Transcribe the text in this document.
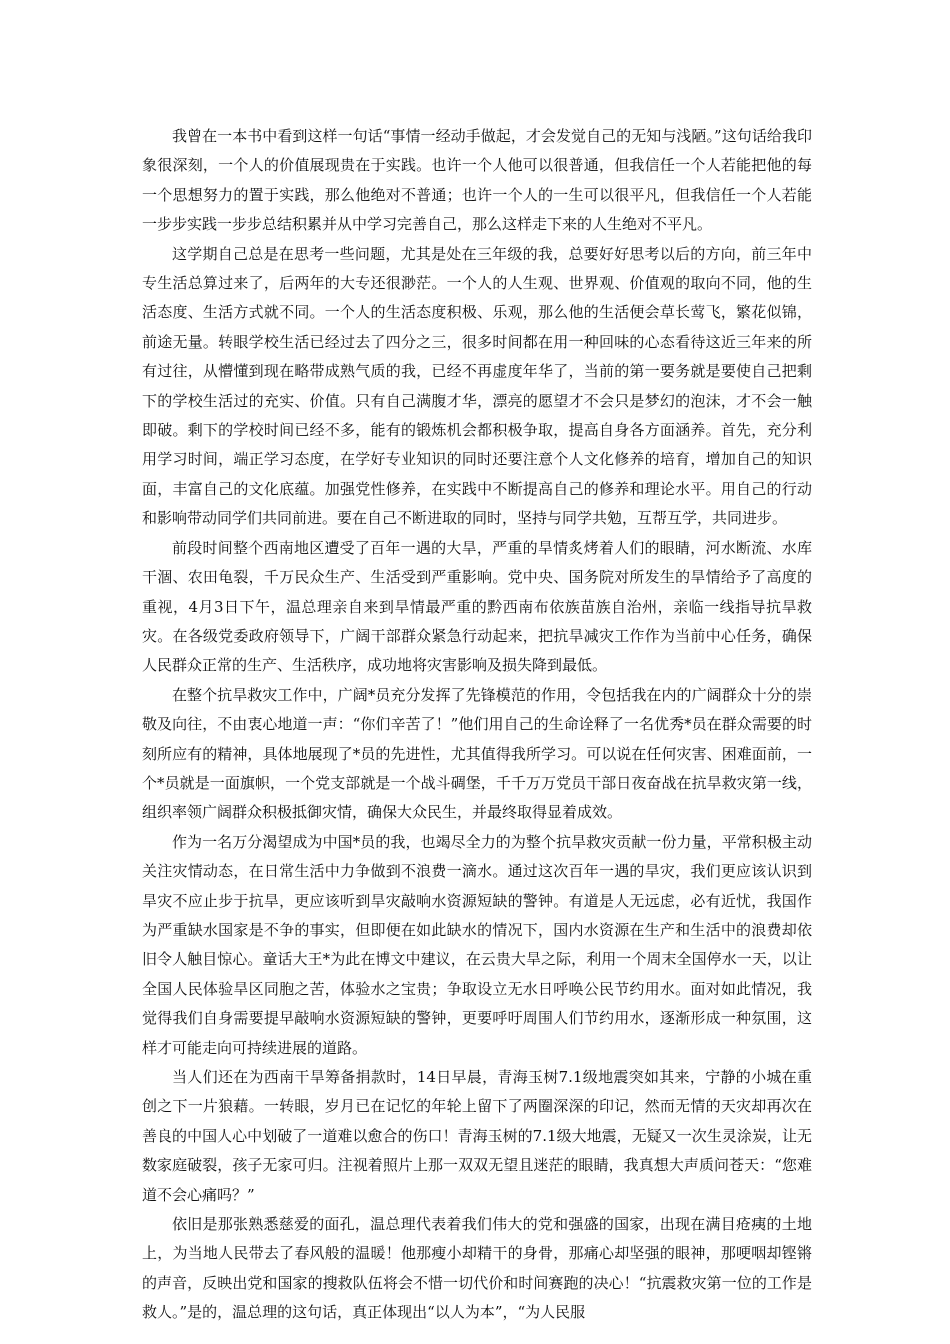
我曾在一本书中看到这样一句话“事情一经动手做起，才会发觉自己的无知与浅陋。”这句话给我印象很深刻，一个人的价值展现贵在于实践。也许一个人他可以很普通，但我信任一个人若能把他的每一个思想努力的置于实践，那么他绝对不普通；也许一个人的一生可以很平凡，但我信任一个人若能一步步实践一步步总结积累并从中学习完善自己，那么这样走下来的人生绝对不平凡。

这学期自己总是在思考一些问题，尤其是处在三年级的我，总要好好思考以后的方向，前三年中专生活总算过来了，后两年的大专还很渺茫。一个人的人生观、世界观、价值观的取向不同，他的生活态度、生活方式就不同。一个人的生活态度积极、乐观，那么他的生活便会草长莺飞，繁花似锦，前途无量。转眼学校生活已经过去了四分之三，很多时间都在用一种回味的心态看待这近三年来的所有过往，从懵懂到现在略带成熟气质的我，已经不再虚度年华了，当前的第一要务就是要使自己把剩下的学校生活过的充实、价值。只有自己满腹才华，漂亮的愿望才不会只是梦幻的泡沫，才不会一触即破。剩下的学校时间已经不多，能有的锻炼机会都积极争取，提高自身各方面涵养。首先，充分利用学习时间，端正学习态度，在学好专业知识的同时还要注意个人文化修养的培育，增加自己的知识面，丰富自己的文化底蕴。加强党性修养，在实践中不断提高自己的修养和理论水平。用自己的行动和影响带动同学们共同前进。要在自己不断进取的同时，坚持与同学共勉，互帮互学，共同进步。

前段时间整个西南地区遭受了百年一遇的大旱，严重的旱情炙烤着人们的眼睛，河水断流、水库干涸、农田龟裂，千万民众生产、生活受到严重影响。党中央、国务院对所发生的旱情给予了高度的重视，4月3日下午，温总理亲自来到旱情最严重的黔西南布依族苗族自治州，亲临一线指导抗旱救灾。在各级党委政府领导下，广阔干部群众紧急行动起来，把抗旱减灾工作作为当前中心任务，确保人民群众正常的生产、生活秩序，成功地将灾害影响及损失降到最低。

在整个抗旱救灾工作中，广阔*员充分发挥了先锋模范的作用，令包括我在内的广阔群众十分的崇敬及向往，不由衷心地道一声：“你们辛苦了！”他们用自己的生命诠释了一名优秀*员在群众需要的时刻所应有的精神，具体地展现了*员的先进性，尤其值得我所学习。可以说在任何灾害、困难面前，一个*员就是一面旗帜，一个党支部就是一个战斗碉堡，千千万万党员干部日夜奋战在抗旱救灾第一线，组织率领广阔群众积极抵御灾情，确保大众民生，并最终取得显着成效。

作为一名万分渴望成为中国*员的我，也竭尽全力的为整个抗旱救灾贡献一份力量，平常积极主动关注灾情动态，在日常生活中力争做到不浪费一滴水。通过这次百年一遇的旱灾，我们更应该认识到旱灾不应止步于抗旱，更应该听到旱灾敲响水资源短缺的警钟。有道是人无远虑，必有近忧，我国作为严重缺水国家是不争的事实，但即便在如此缺水的情况下，国内水资源在生产和生活中的浪费却依旧令人触目惊心。童话大王*为此在博文中建议，在云贵大旱之际，利用一个周末全国停水一天，以让全国人民体验旱区同胞之苦，体验水之宝贵；争取设立无水日呼唤公民节约用水。面对如此情况，我觉得我们自身需要提早敲响水资源短缺的警钟，更要呼吁周围人们节约用水，逐渐形成一种氛围，这样才可能走向可持续进展的道路。

当人们还在为西南干旱筹备捐款时，14日早晨，青海玉树7.1级地震突如其来，宁静的小城在重创之下一片狼藉。一转眼，岁月已在记忆的年轮上留下了两圈深深的印记，然而无情的天灾却再次在善良的中国人心中划破了一道难以愈合的伤口！青海玉树的7.1级大地震，无疑又一次生灵涂炭，让无数家庭破裂，孩子无家可归。注视着照片上那一双双无望且迷茫的眼睛，我真想大声质问苍天：“您难道不会心痛吗？”

依旧是那张熟悉慈爱的面孔，温总理代表着我们伟大的党和强盛的国家，出现在满目疮痍的土地上，为当地人民带去了春风般的温暖！他那瘦小却精干的身骨，那痛心却坚强的眼神，那哽咽却铿锵的声音，反映出党和国家的搜救队伍将会不惜一切代价和时间赛跑的决心！“抗震救灾第一位的工作是救人。”是的，温总理的这句话，真正体现出“以人为本”，“为人民服
